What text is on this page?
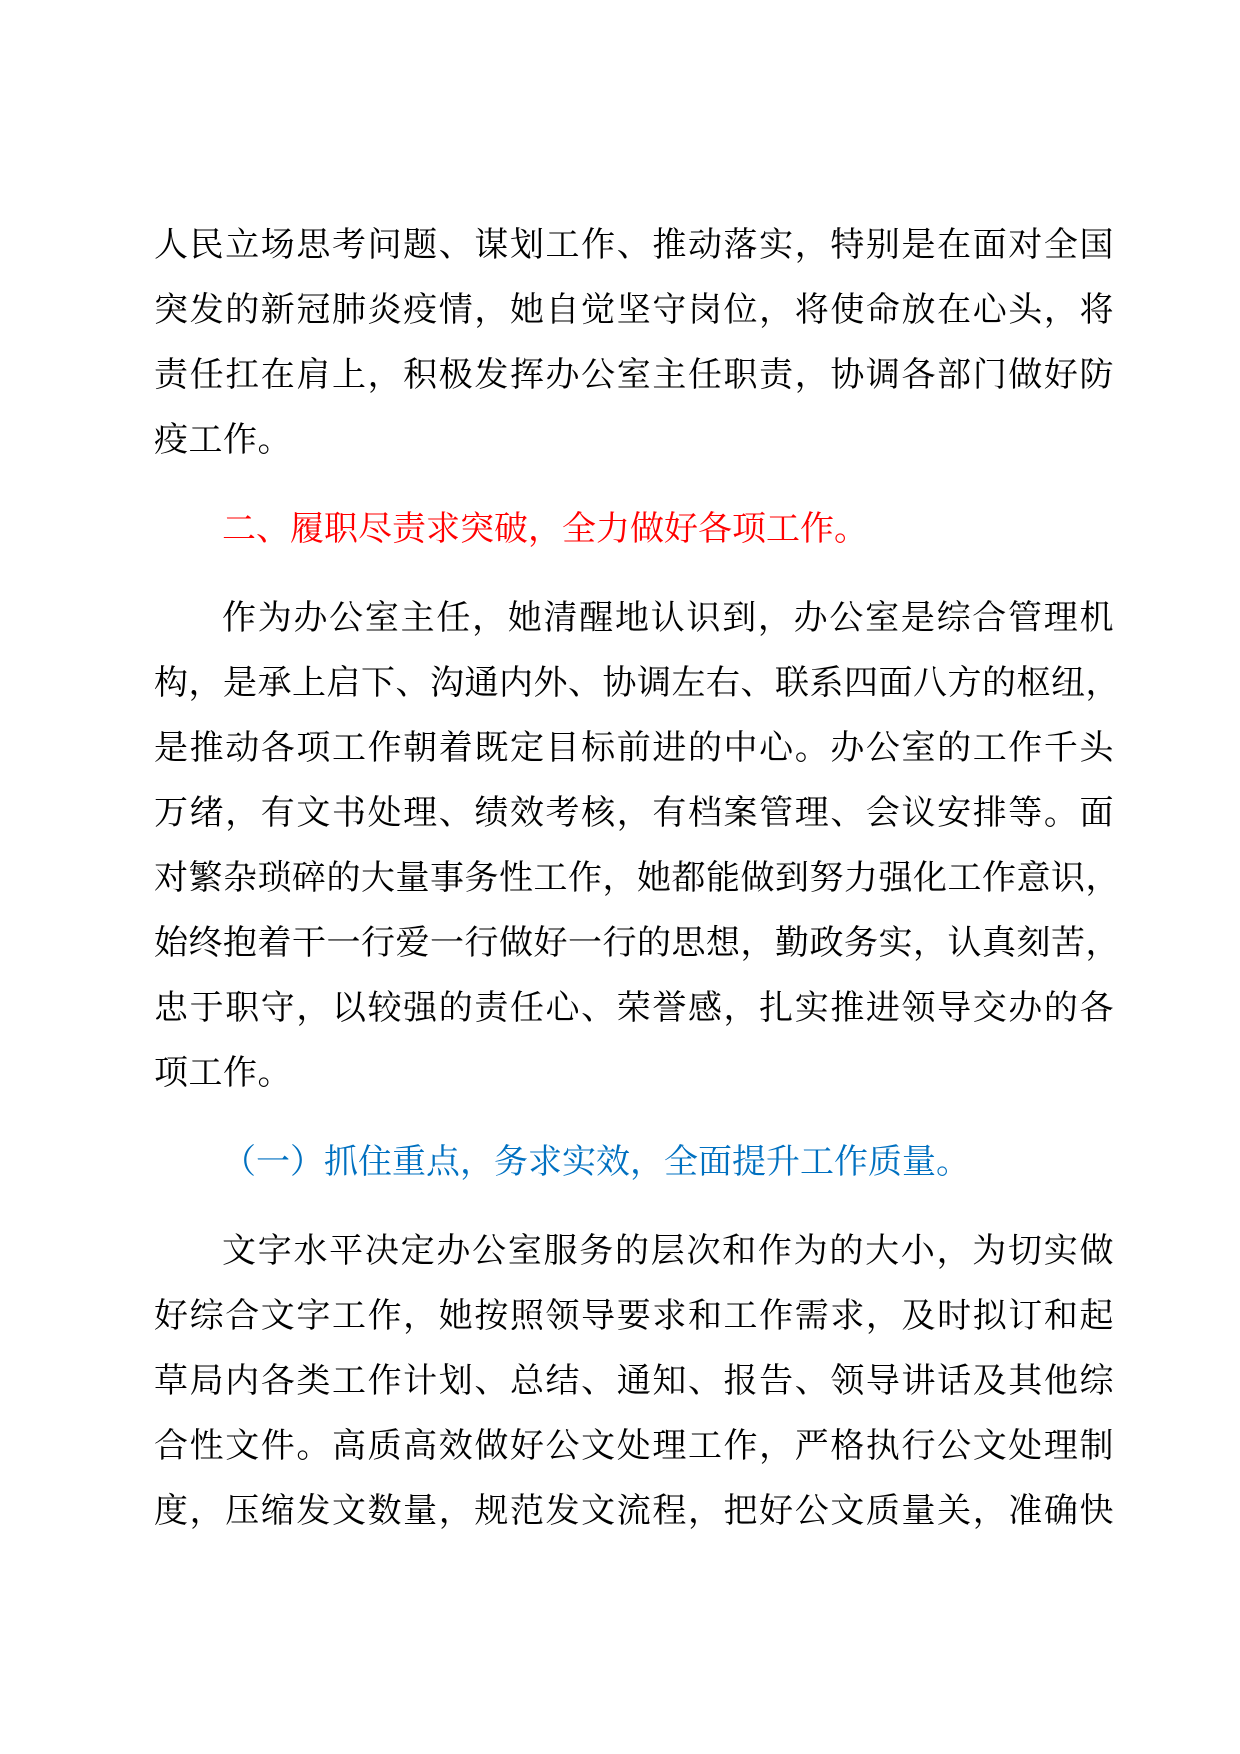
人民立场思考问题、谋划工作、推动落实，特别是在面对全国
突发的新冠肺炎疫情，她自觉坚守岗位，将使命放在心头，将
责任扛在肩上，积极发挥办公室主任职责，协调各部门做好防
疫工作。
二、履职尽责求突破，全力做好各项工作。
作为办公室主任，她清醒地认识到，办公室是综合管理机
构，是承上启下、沟通内外、协调左右、联系四面八方的枢纽，
是推动各项工作朝着既定目标前进的中心。办公室的工作千头
万绪，有文书处理、绩效考核，有档案管理、会议安排等。面
对繁杂琐碎的大量事务性工作，她都能做到努力强化工作意识，
始终抱着干一行爱一行做好一行的思想，勤政务实，认真刻苦，
忠于职守，以较强的责任心、荣誉感，扎实推进领导交办的各
项工作。
（一）抓住重点，务求实效，全面提升工作质量。
文字水平决定办公室服务的层次和作为的大小，为切实做
好综合文字工作，她按照领导要求和工作需求，及时拟订和起
草局内各类工作计划、总结、通知、报告、领导讲话及其他综
合性文件。高质高效做好公文处理工作，严格执行公文处理制
度，压缩发文数量，规范发文流程，把好公文质量关，准确快
